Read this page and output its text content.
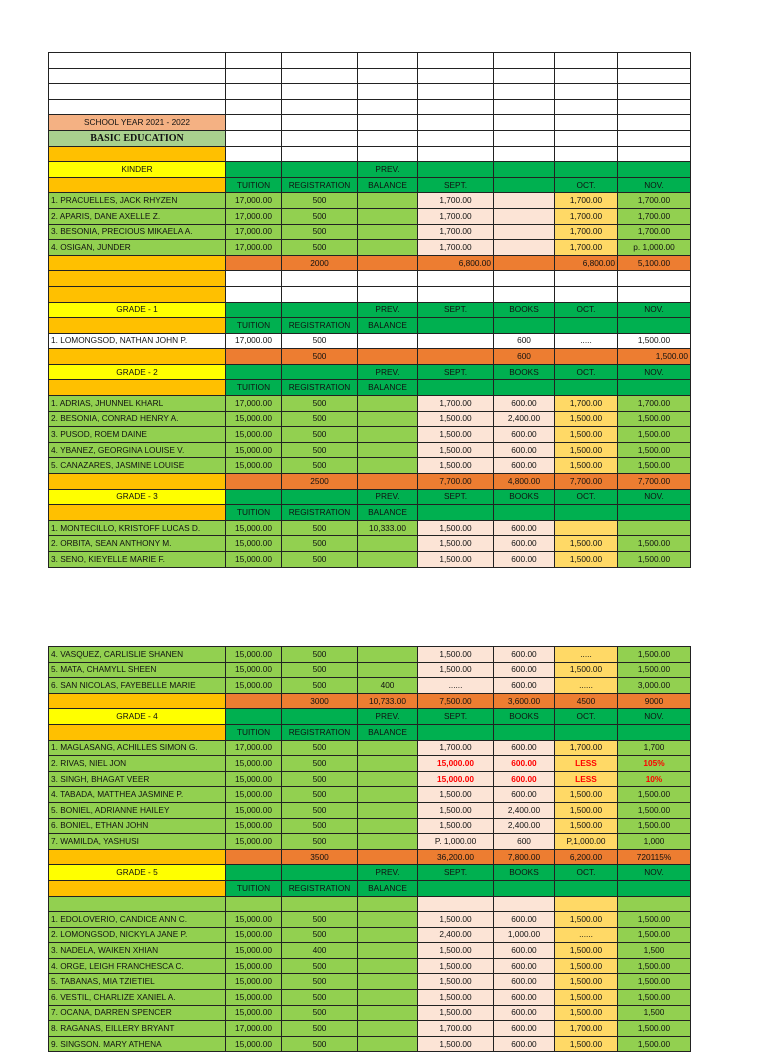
SCHOOL YEAR 2021 - 2022							
BASIC EDUCATION							

KINDER			PREV.				
	TUITION	REGISTRATION	BALANCE	SEPT.		OCT.	NOV.
1. PRACUELLES, JACK RHYZEN	17,000.00	500		1,700.00		1,700.00	1,700.00
2. APARIS, DANE AXELLE Z.	17,000.00	500		1,700.00		1,700.00	1,700.00
3. BESONIA, PRECIOUS MIKAELA A.	17,000.00	500		1,700.00		1,700.00	1,700.00
4. OSIGAN, JUNDER	17,000.00	500		1,700.00		1,700.00	p. 1,000.00
		2000		6,800.00		6,800.00	5,100.00

GRADE - 1			PREV.	SEPT.	BOOKS	OCT.	NOV.
	TUITION	REGISTRATION	BALANCE				
1. LOMONGSOD, NATHAN JOHN P.	17,000.00	500			600	.....	1,500.00
		500			600		1,500.00
GRADE - 2			PREV.	SEPT.	BOOKS	OCT.	NOV.
	TUITION	REGISTRATION	BALANCE				
1. ADRIAS, JHUNNEL KHARL	17,000.00	500		1,700.00	600.00	1,700.00	1,700.00
2. BESONIA, CONRAD HENRY A.	15,000.00	500		1,500.00	2,400.00	1,500.00	1,500.00
3. PUSOD, ROEM DAINE	15,000.00	500		1,500.00	600.00	1,500.00	1,500.00
4. YBANEZ, GEORGINA LOUISE V.	15,000.00	500		1,500.00	600.00	1,500.00	1,500.00
5. CANAZARES, JASMINE LOUISE	15,000.00	500		1,500.00	600.00	1,500.00	1,500.00
		2500		7,700.00	4,800.00	7,700.00	7,700.00
GRADE - 3			PREV.	SEPT.	BOOKS	OCT.	NOV.
	TUITION	REGISTRATION	BALANCE				
1. MONTECILLO, KRISTOFF LUCAS D.	15,000.00	500	10,333.00	1,500.00	600.00		
2. ORBITA, SEAN ANTHONY M.	15,000.00	500		1,500.00	600.00	1,500.00	1,500.00
3. SENO, KIEYELLE MARIE F.	15,000.00	500		1,500.00	600.00	1,500.00	1,500.00
4. VASQUEZ, CARLISLIE SHANEN	15,000.00	500		1,500.00	600.00	.....	1,500.00
5. MATA, CHAMYLL SHEEN	15,000.00	500		1,500.00	600.00	1,500.00	1,500.00
6. SAN NICOLAS, FAYEBELLE MARIE	15,000.00	500	400	......	600.00	......	3,000.00
		3000	10,733.00	7,500.00	3,600.00	4500	9000
GRADE - 4			PREV.	SEPT.	BOOKS	OCT.	NOV.
	TUITION	REGISTRATION	BALANCE				
1. MAGLASANG, ACHILLES SIMON G.	17,000.00	500		1,700.00	600.00	1,700.00	1,700
2. RIVAS, NIEL JON	15,000.00	500		15,000.00	600.00	LESS	105%
3. SINGH, BHAGAT VEER	15,000.00	500		15,000.00	600.00	LESS	10%
4. TABADA, MATTHEA JASMINE P.	15,000.00	500		1,500.00	600.00	1,500.00	1,500.00
5. BONIEL, ADRIANNE HAILEY	15,000.00	500		1,500.00	2,400.00	1,500.00	1,500.00
6. BONIEL, ETHAN JOHN	15,000.00	500		1,500.00	2,400.00	1,500.00	1,500.00
7. WAMILDA, YASHUSI	15,000.00	500		P. 1,000.00	600	P,1,000.00	1,000
		3500		36,200.00	7,800.00	6,200.00	720115%
GRADE - 5			PREV.	SEPT.	BOOKS	OCT.	NOV.
	TUITION	REGISTRATION	BALANCE				

1. EDOLOVERIO, CANDICE ANN C.	15,000.00	500		1,500.00	600.00	1,500.00	1,500.00
2. LOMONGSOD, NICKYLA JANE P.	15,000.00	500		2,400.00	1,000.00	......	1,500.00
3. NADELA, WAIKEN XHIAN	15,000.00	400		1,500.00	600.00	1,500.00	1,500
4. ORGE, LEIGH FRANCHESCA C.	15,000.00	500		1,500.00	600.00	1,500.00	1,500.00
5. TABANAS, MIA TZIETIEL	15,000.00	500		1,500.00	600.00	1,500.00	1,500.00
6. VESTIL, CHARLIZE XANIEL A.	15,000.00	500		1,500.00	600.00	1,500.00	1,500.00
7. OCANA, DARREN SPENCER	15,000.00	500		1,500.00	600.00	1,500.00	1,500
8. RAGANAS, EILLERY BRYANT	17,000.00	500		1,700.00	600.00	1,700.00	1,500.00
9. SINGSON. MARY ATHENA	15,000.00	500		1,500.00	600.00	1,500.00	1,500.00
